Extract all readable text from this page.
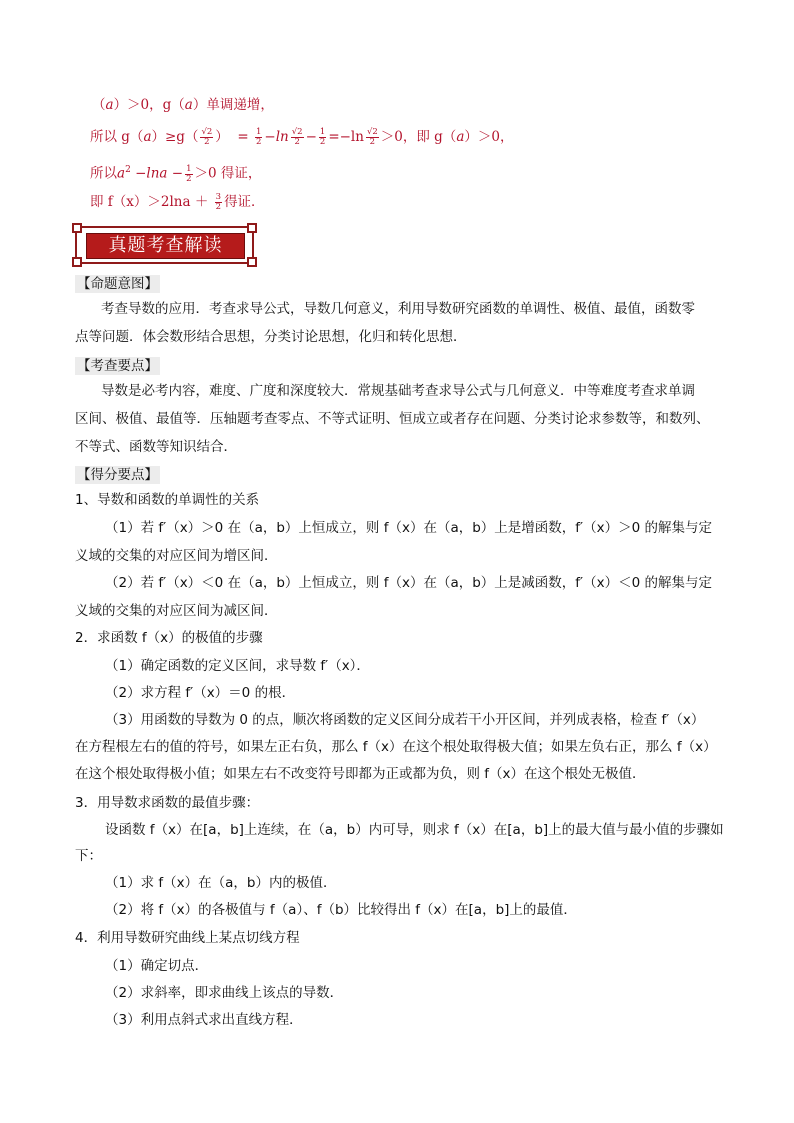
（a）＞0，g（a）单调递增，
所以 $g(a)\ge g( \frac{√2}{2}$ ） = $\frac{1}{2} -\ln \frac{√2}{2} - \frac{1}{2} =-\ln \frac{√2}{2} >0$，即 g（a）＞0，
所以$a^2 -\ln a - \frac{1}{2} >0$ 得证，
即 $f(x)>2\ln a + \frac{3}{2}$ 得证．
真题考查解读
【命题意图】
考查导数的应用．考查求导公式，导数几何意义，利用导数研究函数的单调性、极值、最值，函数零
点等问题．体会数形结合思想，分类讨论思想，化归和转化思想．
【考查要点】
导数是必考内容，难度、广度和深度较大．常规基础考查求导公式与几何意义．中等难度考查求单调
区间、极值、最值等．压轴题考查零点、不等式证明、恒成立或者存在问题、分类讨论求参数等，和数列、
不等式、函数等知识结合．
【得分要点】
1、导数和函数的单调性的关系
（1）若 f′（x）＞0 在（a，b）上恒成立，则 f（x）在（a，b）上是增函数，f′（x）＞0 的解集与定
义域的交集的对应区间为增区间．
（2）若 f′（x）＜0 在（a，b）上恒成立，则 f（x）在（a，b）上是减函数，f′（x）＜0 的解集与定
义域的交集的对应区间为减区间．
2．求函数 f（x）的极值的步骤
（1）确定函数的定义区间，求导数 f′（x）．
（2）求方程 f′（x）＝0 的根．
（3）用函数的导数为 0 的点，顺次将函数的定义区间分成若干小开区间，并列成表格，检查 f′（x）
在方程根左右的值的符号，如果左正右负，那么 f（x）在这个根处取得极大值；如果左负右正，那么 f（x）
在这个根处取得极小值；如果左右不改变符号即都为正或都为负，则 f（x）在这个根处无极值．
3．用导数求函数的最值步骤：
设函数 f（x）在[a，b]上连续，在（a，b）内可导，则求 f（x）在[a，b]上的最大值与最小值的步骤如
下：
（1）求 f（x）在（a，b）内的极值．
（2）将 f（x）的各极值与 f（a）、f（b）比较得出 f（x）在[a，b]上的最值．
4．利用导数研究曲线上某点切线方程
（1）确定切点．
（2）求斜率，即求曲线上该点的导数．
（3）利用点斜式求出直线方程．
